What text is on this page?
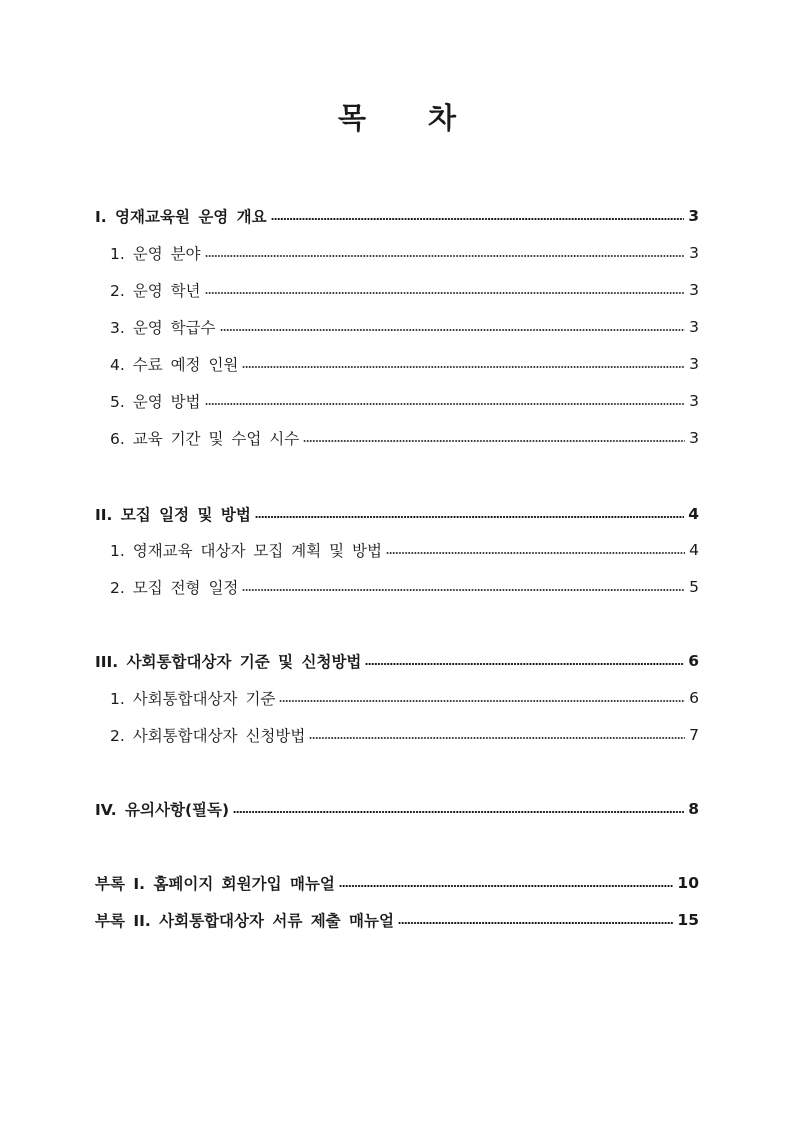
목 차
I. 영재교육원 운영 개요	3
1. 운영 분야	3
2. 운영 학년	3
3. 운영 학급수	3
4. 수료 예정 인원	3
5. 운영 방법	3
6. 교육 기간 및 수업 시수	3
II. 모집 일정 및 방법	4
1. 영재교육 대상자 모집 계획 및 방법	4
2. 모집 전형 일정	5
III. 사회통합대상자 기준 및 신청방법	6
1. 사회통합대상자 기준	6
2. 사회통합대상자 신청방법	7
IV. 유의사항(필독)	8
부록 I. 홈페이지 회원가입 매뉴얼	10
부록 II. 사회통합대상자 서류 제출 매뉴얼	15
